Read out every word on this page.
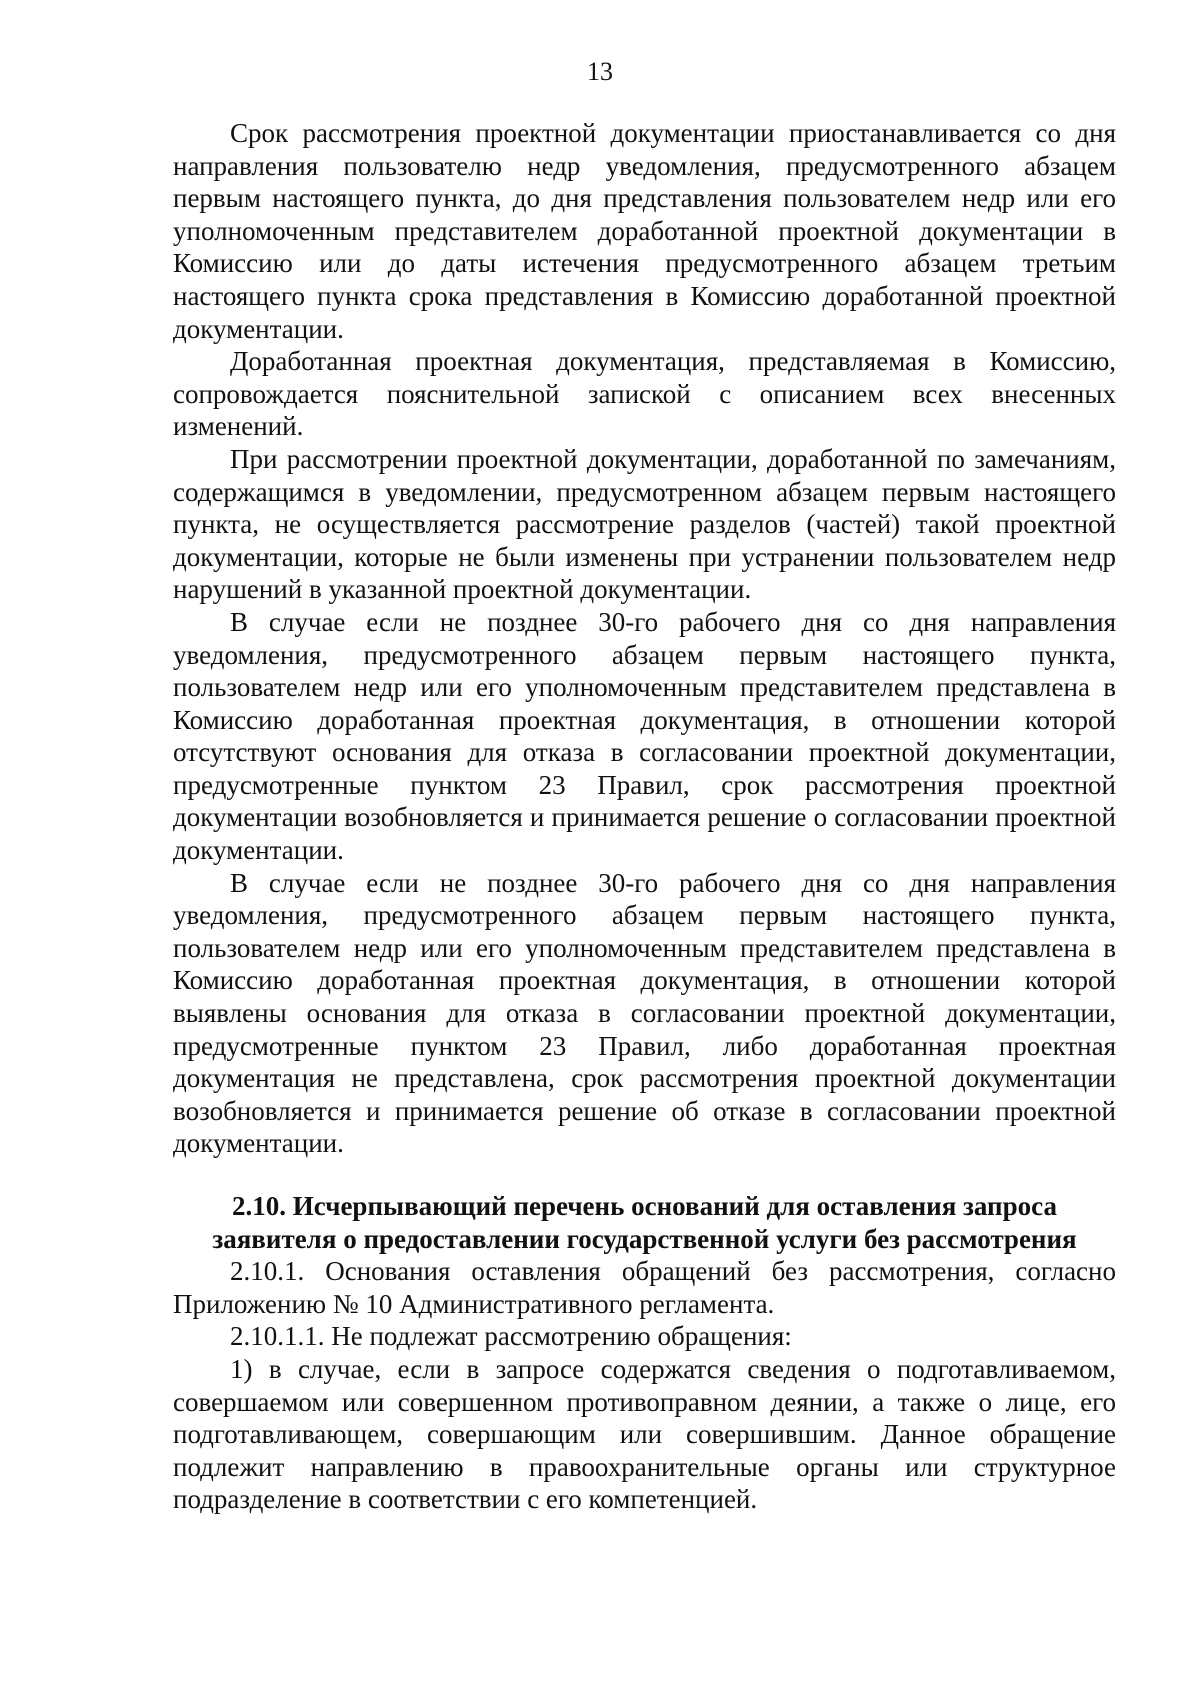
13

Срок рассмотрения проектной документации приостанавливается со дня направления пользователю недр уведомления, предусмотренного абзацем первым настоящего пункта, до дня представления пользователем недр или его уполномоченным представителем доработанной проектной документации в Комиссию или до даты истечения предусмотренного абзацем третьим настоящего пункта срока представления в Комиссию доработанной проектной документации.

Доработанная проектная документация, представляемая в Комиссию, сопровождается пояснительной запиской с описанием всех внесенных изменений.

При рассмотрении проектной документации, доработанной по замечаниям, содержащимся в уведомлении, предусмотренном абзацем первым настоящего пункта, не осуществляется рассмотрение разделов (частей) такой проектной документации, которые не были изменены при устранении пользователем недр нарушений в указанной проектной документации.

В случае если не позднее 30-го рабочего дня со дня направления уведомления, предусмотренного абзацем первым настоящего пункта, пользователем недр или его уполномоченным представителем представлена в Комиссию доработанная проектная документация, в отношении которой отсутствуют основания для отказа в согласовании проектной документации, предусмотренные пунктом 23 Правил, срок рассмотрения проектной документации возобновляется и принимается решение о согласовании проектной документации.

В случае если не позднее 30-го рабочего дня со дня направления уведомления, предусмотренного абзацем первым настоящего пункта, пользователем недр или его уполномоченным представителем представлена в Комиссию доработанная проектная документация, в отношении которой выявлены основания для отказа в согласовании проектной документации, предусмотренные пунктом 23 Правил, либо доработанная проектная документация не представлена, срок рассмотрения проектной документации возобновляется и принимается решение об отказе в согласовании проектной документации.

2.10. Исчерпывающий перечень оснований для оставления запроса
заявителя о предоставлении государственной услуги без рассмотрения

2.10.1. Основания оставления обращений без рассмотрения, согласно Приложению № 10 Административного регламента.

2.10.1.1. Не подлежат рассмотрению обращения:

1) в случае, если в запросе содержатся сведения о подготавливаемом, совершаемом или совершенном противоправном деянии, а также о лице, его подготавливающем, совершающим или совершившим. Данное обращение подлежит направлению в правоохранительные органы или структурное подразделение в соответствии с его компетенцией.
